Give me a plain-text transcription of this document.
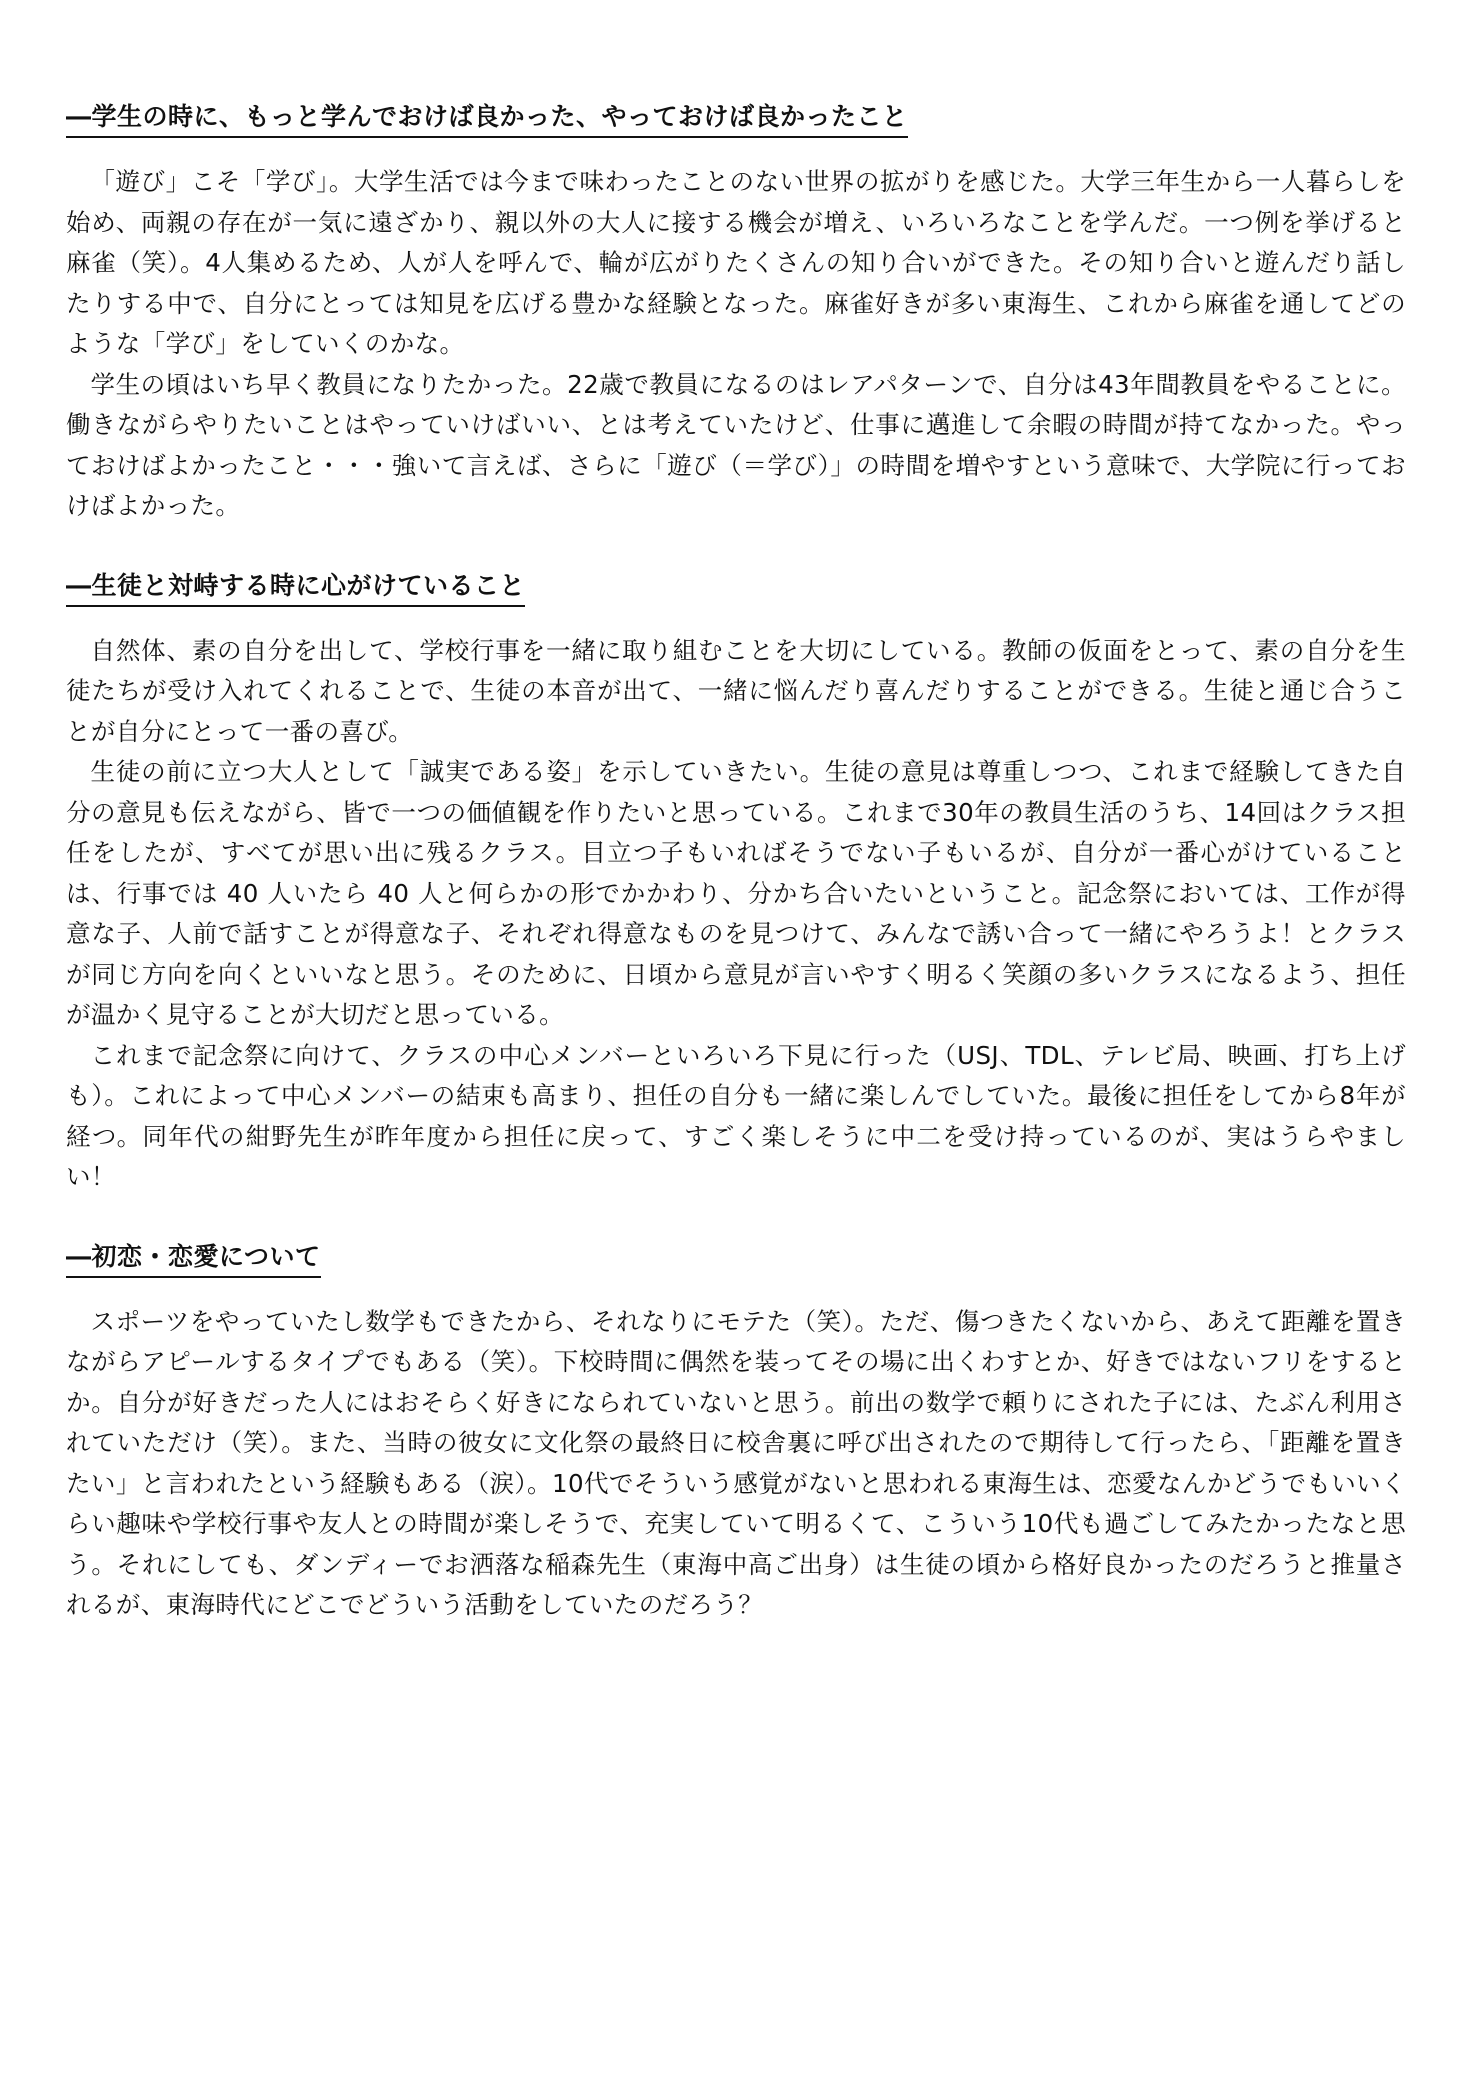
―学生の時に、もっと学んでおけば良かった、やっておけば良かったこと

「遊び」こそ「学び」。大学生活では今まで味わったことのない世界の拡がりを感じた。大学三年生から一人暮らしを始め、両親の存在が一気に遠ざかり、親以外の大人に接する機会が増え、いろいろなことを学んだ。一つ例を挙げると麻雀（笑）。4人集めるため、人が人を呼んで、輪が広がりたくさんの知り合いができた。その知り合いと遊んだり話したりする中で、自分にとっては知見を広げる豊かな経験となった。麻雀好きが多い東海生、これから麻雀を通してどのような「学び」をしていくのかな。

学生の頃はいち早く教員になりたかった。22歳で教員になるのはレアパターンで、自分は43年間教員をやることに。働きながらやりたいことはやっていけばいい、とは考えていたけど、仕事に邁進して余暇の時間が持てなかった。やっておけばよかったこと・・・強いて言えば、さらに「遊び（＝学び）」の時間を増やすという意味で、大学院に行っておけばよかった。

―生徒と対峙する時に心がけていること

自然体、素の自分を出して、学校行事を一緒に取り組むことを大切にしている。教師の仮面をとって、素の自分を生徒たちが受け入れてくれることで、生徒の本音が出て、一緒に悩んだり喜んだりすることができる。生徒と通じ合うことが自分にとって一番の喜び。

生徒の前に立つ大人として「誠実である姿」を示していきたい。生徒の意見は尊重しつつ、これまで経験してきた自分の意見も伝えながら、皆で一つの価値観を作りたいと思っている。これまで30年の教員生活のうち、14回はクラス担任をしたが、すべてが思い出に残るクラス。目立つ子もいればそうでない子もいるが、自分が一番心がけていることは、行事では 40 人いたら 40 人と何らかの形でかかわり、分かち合いたいということ。記念祭においては、工作が得意な子、人前で話すことが得意な子、それぞれ得意なものを見つけて、みんなで誘い合って一緒にやろうよ！とクラスが同じ方向を向くといいなと思う。そのために、日頃から意見が言いやすく明るく笑顔の多いクラスになるよう、担任が温かく見守ることが大切だと思っている。

これまで記念祭に向けて、クラスの中心メンバーといろいろ下見に行った（USJ、TDL、テレビ局、映画、打ち上げも）。これによって中心メンバーの結束も高まり、担任の自分も一緒に楽しんでしていた。最後に担任をしてから8年が経つ。同年代の紺野先生が昨年度から担任に戻って、すごく楽しそうに中二を受け持っているのが、実はうらやましい！

―初恋・恋愛について

スポーツをやっていたし数学もできたから、それなりにモテた（笑）。ただ、傷つきたくないから、あえて距離を置きながらアピールするタイプでもある（笑）。下校時間に偶然を装ってその場に出くわすとか、好きではないフリをするとか。自分が好きだった人にはおそらく好きになられていないと思う。前出の数学で頼りにされた子には、たぶん利用されていただけ（笑）。また、当時の彼女に文化祭の最終日に校舎裏に呼び出されたので期待して行ったら、「距離を置きたい」と言われたという経験もある（涙）。10代でそういう感覚がないと思われる東海生は、恋愛なんかどうでもいいくらい趣味や学校行事や友人との時間が楽しそうで、充実していて明るくて、こういう10代も過ごしてみたかったなと思う。それにしても、ダンディーでお洒落な稲森先生（東海中高ご出身）は生徒の頃から格好良かったのだろうと推量されるが、東海時代にどこでどういう活動をしていたのだろう？
